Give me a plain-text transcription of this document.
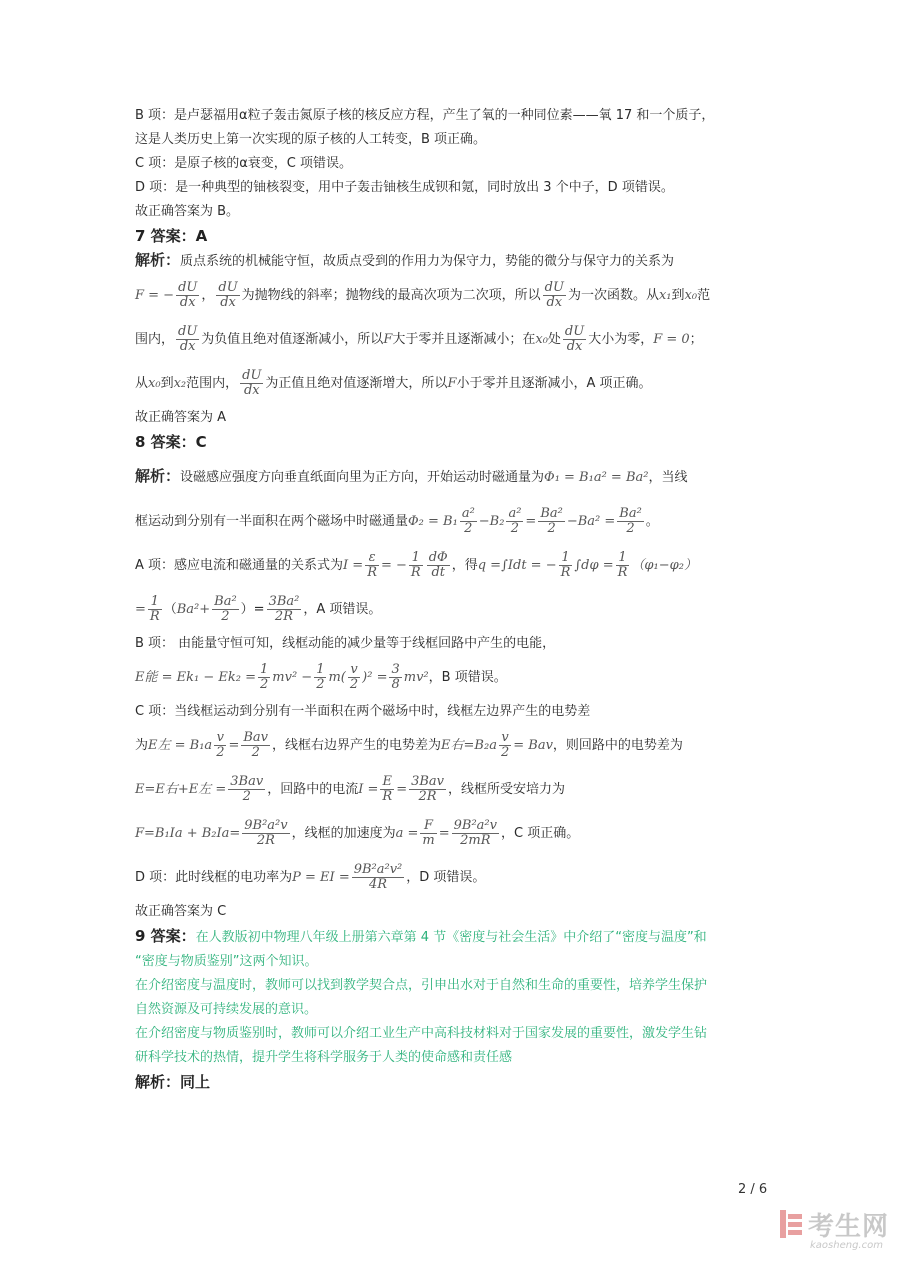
B 项：是卢瑟福用α粒子轰击氮原子核的核反应方程，产生了氧的一种同位素——氧 17 和一个质子，
这是人类历史上第一次实现的原子核的人工转变，B 项正确。
C 项：是原子核的α衰变，C 项错误。
D 项：是一种典型的铀核裂变，用中子轰击铀核生成钡和氪，同时放出 3 个中子，D 项错误。
故正确答案为 B。
7 答案：A
解析：质点系统的机械能守恒，故质点受到的作用力为保守力，势能的微分与保守力的关系为
F = − $\frac{dU}{dx}$ ， $\frac{dU}{dx}$ 为抛物线的斜率；抛物线的最高次项为二次项，所以 $\frac{dU}{dx}$ 为一次函数。从x₁到x₀范
围内， $\frac{dU}{dx}$ 为负值且绝对值逐渐减小，所以F大于零并且逐渐减小；在x₀处 $\frac{dU}{dx}$ 大小为零，F = 0；
从x₀到x₂范围内， $\frac{dU}{dx}$ 为正值且绝对值逐渐增大，所以F小于零并且逐渐减小，A 项正确。
故正确答案为 A
8 答案：C
解析：设磁感应强度方向垂直纸面向里为正方向，开始运动时磁通量为Φ₁ = B₁a² = Ba²，当线
框运动到分别有一半面积在两个磁场中时磁通量$\Phi_2 = B_1 \frac{\text{a²}}{2} -B_2 \frac{\text{a²}}{2} = \frac{\text{Ba²}}{2} -Ba^2 = \frac{\text{Ba²}}{2}$ 。
A 项：感应电流和磁通量的关系式为$I = \frac{\varepsilon}{R}$ = − $\frac{1}{R} \frac{d\Phi}{dt}$ ，得q =∫Idt = − $\frac{1}{R} \int d\varphi = \frac{1}{R} (\varphi_1-\varphi_2)$
= $\frac{1}{R} (Ba^2+ \frac{\text{Ba²}}{2}$ ）= $\frac{\text{3Ba²}}{2R}$ ，A 项错误。
B 项： 由能量守恒可知，线框动能的减少量等于线框回路中产生的电能，
E能 = $Ek_1 - Ek_2 = \frac{1}{2} mv^2 - \frac{1}{2} m( \frac{v}{2} )^2 = \frac{3}{8} mv^2$，B 项错误。
C 项：当线框运动到分别有一半面积在两个磁场中时，线框左边界产生的电势差
为E左 = $B_1a \frac{v}{2} = \frac{\text{Bav}}{2}$ ，线框右边界产生的电势差为E右$=B_2a \frac{v}{2}$ = Bav，则回路中的电势差为
E=E右+E左 = $\frac{\text{3Bav}}{2}$ ，回路中的电流$I = \frac{E}{R} = \frac{\text{3Bav}}{2R}$ ，线框所受安培力为
$F=B_1Ia + B_2Ia= \frac{\text{9B²a²v}}{2R}$ ，线框的加速度为$a = \frac{F}{m} = \frac{\text{9B²a²v}}{2mR}$ ，C 项正确。
D 项：此时线框的电功率为P = EI = $\frac{\text{9B²a²v²}}{4R}$ ，D 项错误。
故正确答案为 C
9 答案：在人教版初中物理八年级上册第六章第 4 节《密度与社会生活》中介绍了“密度与温度”和
“密度与物质鉴别”这两个知识。
在介绍密度与温度时，教师可以找到教学契合点，引申出水对于自然和生命的重要性，培养学生保护
自然资源及可持续发展的意识。
在介绍密度与物质鉴别时，教师可以介绍工业生产中高科技材料对于国家发展的重要性，激发学生钻
研科学技术的热情，提升学生将科学服务于人类的使命感和责任感
解析：同上
2 / 6
考生网
kaosheng.com
